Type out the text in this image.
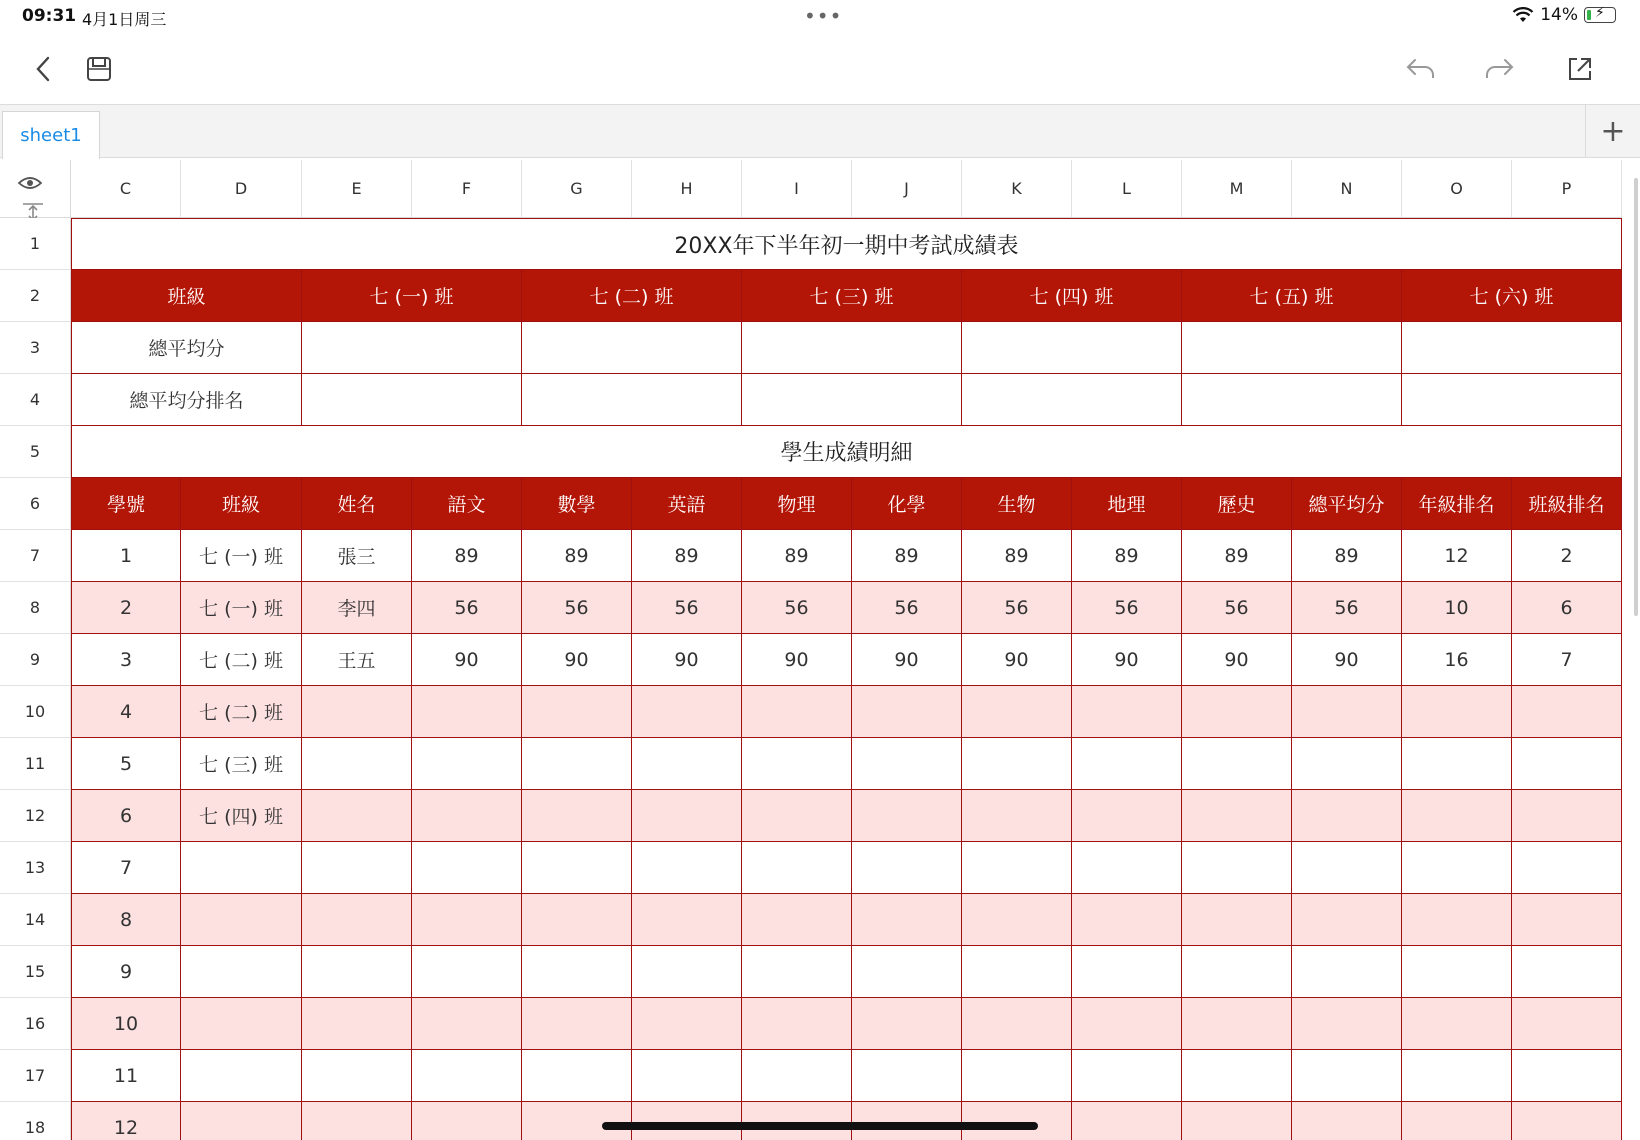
09:31 4月1日周三	•••	14% ⚡
sheet1	+
C	D	E	F	G	H	I	J	K	L	M	N	O	P
1
2
3
4
5
6
7
8
9
10
11
12
13
14
15
16
17
18
20XX年下半年初一期中考試成績表
班級	七 (一) 班	七 (二) 班	七 (三) 班	七 (四) 班	七 (五) 班	七 (六) 班
總平均分
總平均分排名
學生成績明細
學號	班級	姓名	語文	數學	英語	物理	化學	生物	地理	歷史	總平均分	年級排名	班級排名
1	七 (一) 班	張三	89	89	89	89	89	89	89	89	89	12	2
2	七 (一) 班	李四	56	56	56	56	56	56	56	56	56	10	6
3	七 (二) 班	王五	90	90	90	90	90	90	90	90	90	16	7
4	七 (二) 班
5	七 (三) 班
6	七 (四) 班
7
8
9
10
11
12
